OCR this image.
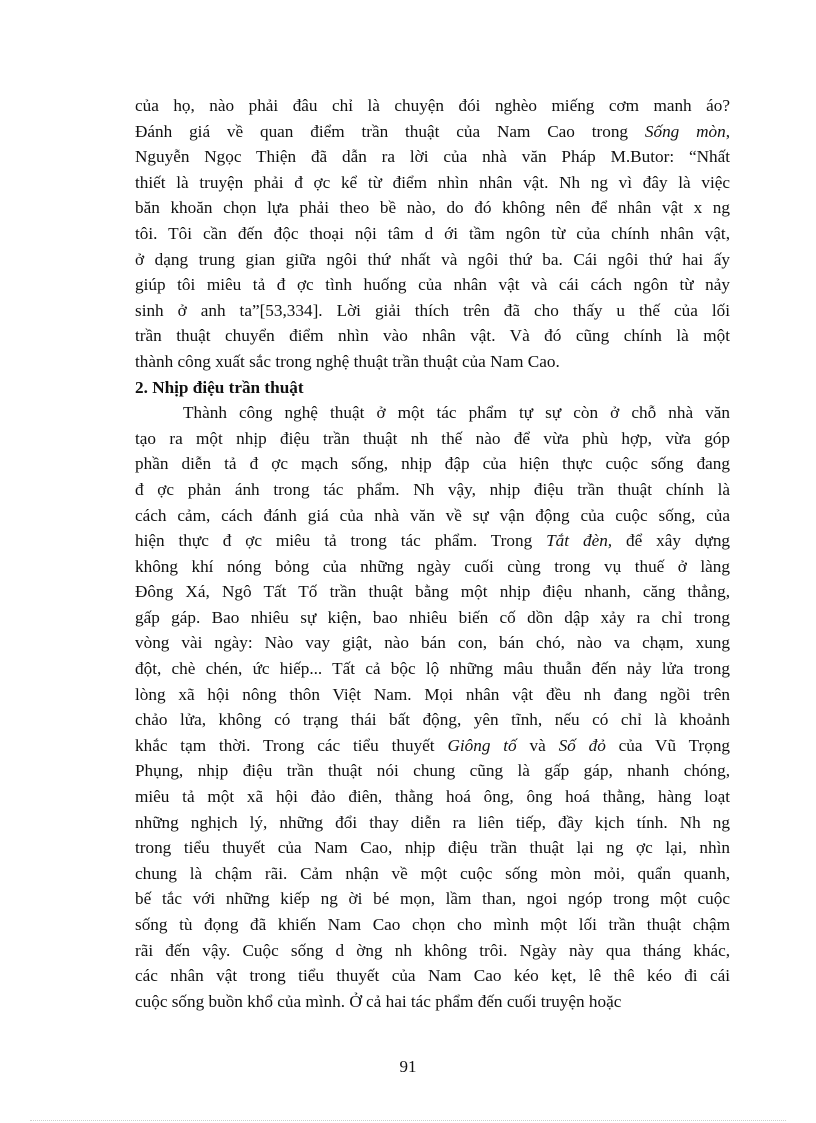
của họ, nào phải đâu chỉ là chuyện đói nghèo miếng cơm manh áo?
Đánh giá về quan điểm trần thuật của Nam Cao trong Sống mòn,
Nguyễn Ngọc Thiện đã dẫn ra lời của nhà văn Pháp M.Butor: “Nhất
thiết là truyện phải đ ợc kể từ điểm nhìn nhân vật. Nh ng vì đây là việc
băn khoăn chọn lựa phải theo bề nào, do đó không nên để nhân vật x ng
tôi. Tôi cần đến độc thoại nội tâm d ới tầm ngôn từ của chính nhân vật,
ở dạng trung gian giữa ngôi thứ nhất và ngôi thứ ba. Cái ngôi thứ hai ấy
giúp tôi miêu tả đ ợc tình huống của nhân vật và cái cách ngôn từ nảy
sinh ở anh ta”[53,334]. Lời giải thích trên đã cho thấy u thế của lối
trần thuật chuyển điểm nhìn vào nhân vật. Và đó cũng chính là một
thành công xuất sắc trong nghệ thuật trần thuật của Nam Cao.
2. Nhịp điệu trần thuật
Thành công nghệ thuật ở một tác phẩm tự sự còn ở chỗ nhà văn
tạo ra một nhịp điệu trần thuật nh thế nào để vừa phù hợp, vừa góp
phần diễn tả đ ợc mạch sống, nhịp đập của hiện thực cuộc sống đang
đ ợc phản ánh trong tác phẩm. Nh vậy, nhịp điệu trần thuật chính là
cách cảm, cách đánh giá của nhà văn về sự vận động của cuộc sống, của
hiện thực đ ợc miêu tả trong tác phẩm. Trong Tắt đèn, để xây dựng
không khí nóng bỏng của những ngày cuối cùng trong vụ thuế ở làng
Đông Xá, Ngô Tất Tố trần thuật bằng một nhịp điệu nhanh, căng thẳng,
gấp gáp. Bao nhiêu sự kiện, bao nhiêu biến cố dồn dập xảy ra chỉ trong
vòng vài ngày: Nào vay giật, nào bán con, bán chó, nào va chạm, xung
đột, chè chén, ức hiếp... Tất cả bộc lộ những mâu thuẫn đến nảy lửa trong
lòng xã hội nông thôn Việt Nam. Mọi nhân vật đều nh đang ngồi trên
chảo lửa, không có trạng thái bất động, yên tĩnh, nếu có chỉ là khoảnh
khắc tạm thời. Trong các tiểu thuyết Giông tố và Số đỏ của Vũ Trọng
Phụng, nhịp điệu trần thuật nói chung cũng là gấp gáp, nhanh chóng,
miêu tả một xã hội đảo điên, thằng hoá ông, ông hoá thằng, hàng loạt
những nghịch lý, những đổi thay diễn ra liên tiếp, đầy kịch tính. Nh ng
trong tiểu thuyết của Nam Cao, nhịp điệu trần thuật lại ng ợc lại, nhìn
chung là chậm rãi. Cảm nhận về một cuộc sống mòn mỏi, quẩn quanh,
bế tắc với những kiếp ng ời bé mọn, lầm than, ngoi ngóp trong một cuộc
sống tù đọng đã khiến Nam Cao chọn cho mình một lối trần thuật chậm
rãi đến vậy. Cuộc sống d ờng nh không trôi. Ngày này qua tháng khác,
các nhân vật trong tiểu thuyết của Nam Cao kéo kẹt, lê thê kéo đi cái
cuộc sống buồn khổ của mình. Ở cả hai tác phẩm đến cuối truyện hoặc
91
